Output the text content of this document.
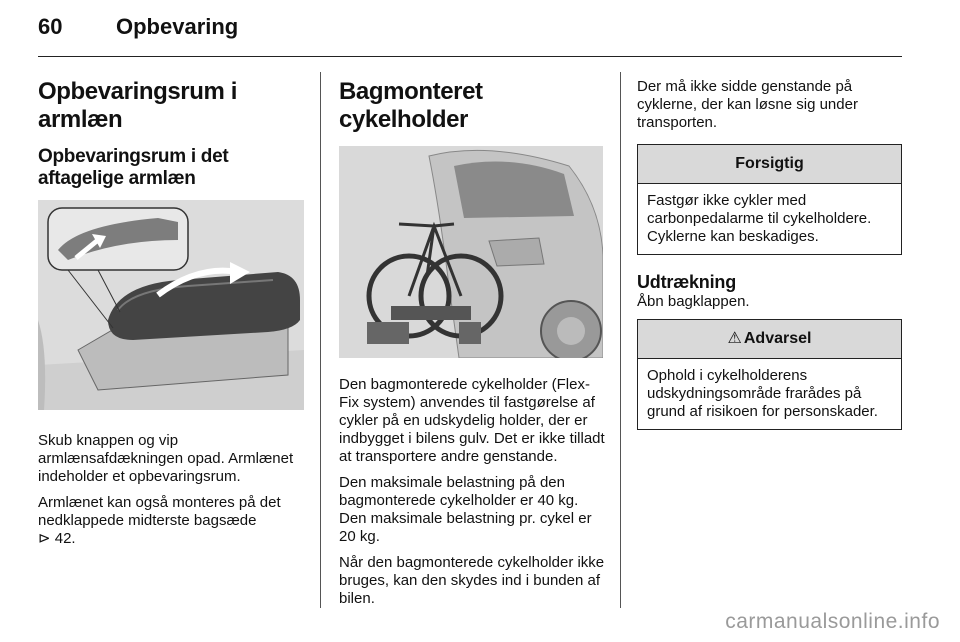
60 Opbevaring
Opbevaringsrum i armlæn
Opbevaringsrum i det aftagelige armlæn

Skub knappen og vip armlænsafdækningen opad. Armlænet indeholder et opbevaringsrum.

Armlænet kan også monteres på det nedklappede midterste bagsæde
⊳ 42.

Bagmonteret cykelholder

Den bagmonterede cykelholder (Flex-Fix system) anvendes til fastgørelse af cykler på en udskydelig holder, der er indbygget i bilens gulv. Det er ikke tilladt at transportere andre genstande.

Den maksimale belastning på den bagmonterede cykelholder er 40 kg. Den maksimale belastning pr. cykel er 20 kg.

Når den bagmonterede cykelholder ikke bruges, kan den skydes ind i bunden af bilen.

Der må ikke sidde genstande på cyklerne, der kan løsne sig under transporten.

Forsigtig
Fastgør ikke cykler med carbonpedalarme til cykelholdere. Cyklerne kan beskadiges.
Udtrækning

Åbn bagklappen.

⚠ Advarsel
Ophold i cykelholderens udskydningsområde frarådes på grund af risikoen for personskader.
carmanualsonline.info
